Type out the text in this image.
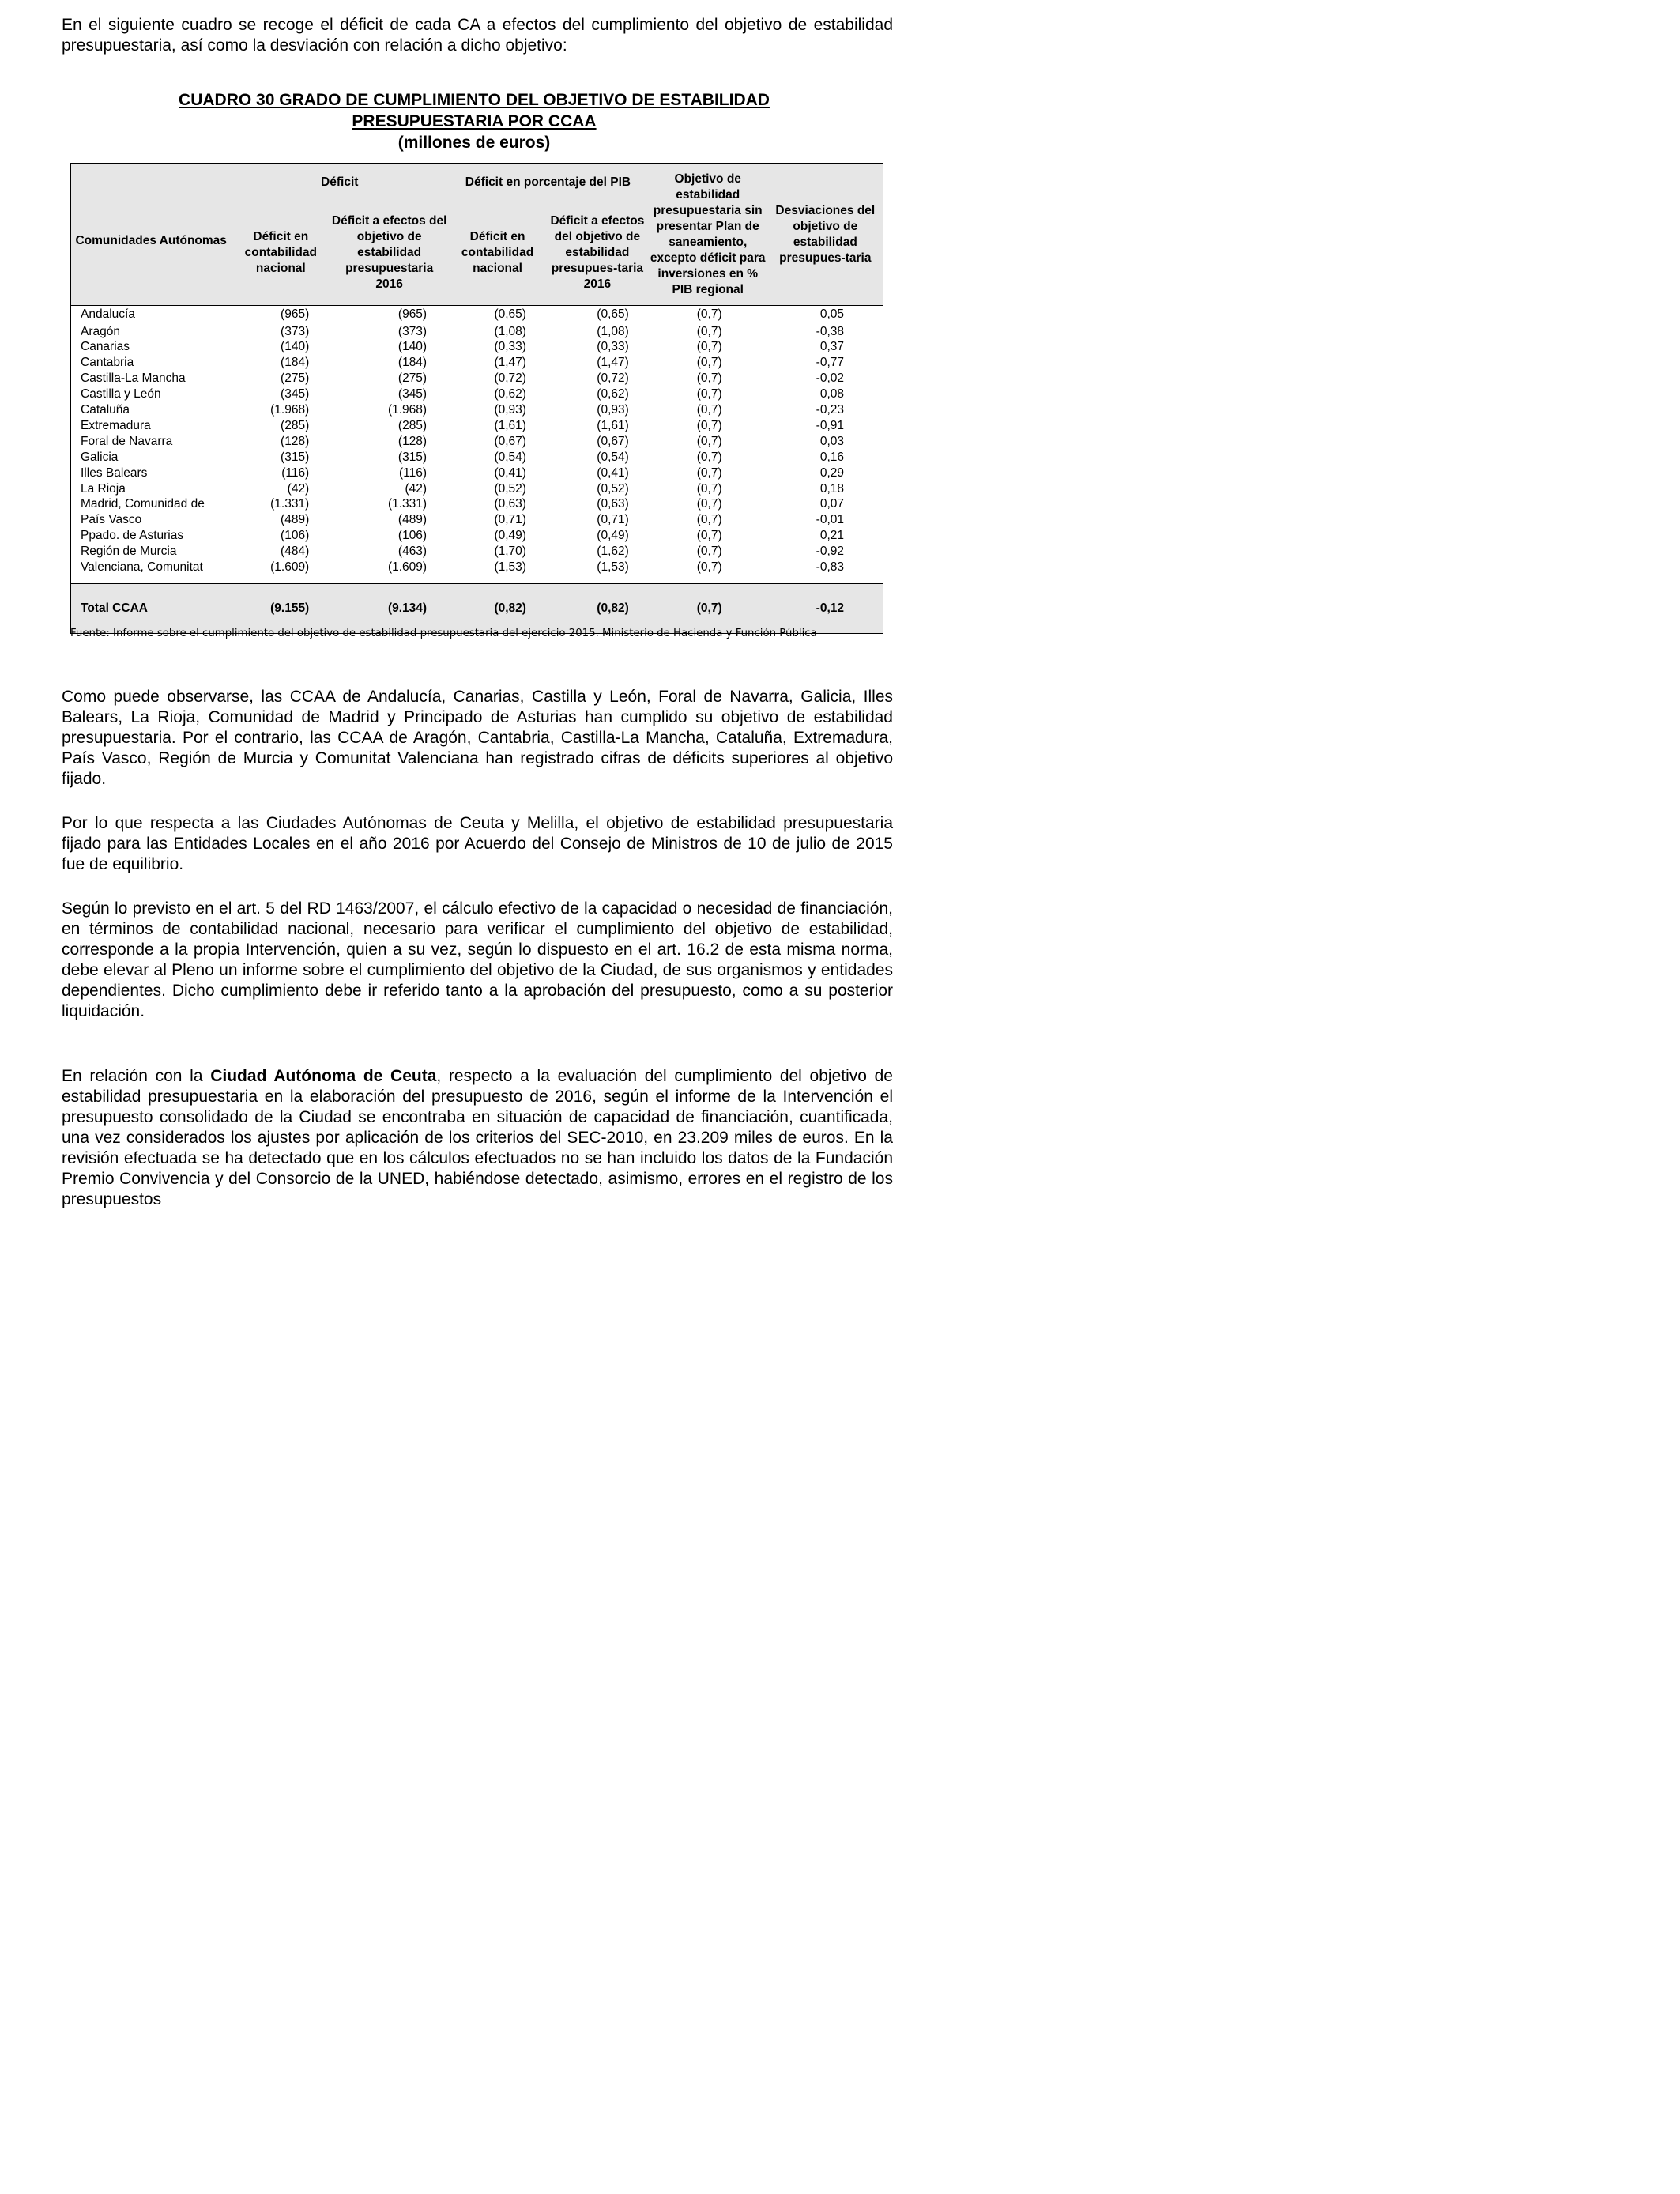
En el siguiente cuadro se recoge el déficit de cada CA a efectos del cumplimiento del objetivo de estabilidad presupuestaria, así como la desviación con relación a dicho objetivo:

CUADRO 30 GRADO DE CUMPLIMIENTO DEL OBJETIVO DE ESTABILIDAD
PRESUPUESTARIA POR CCAA
(millones de euros)
Comunidades Autónomas	Déficit		Déficit en porcentaje del PIB		Objetivo de estabilidad presupuestaria sin presentar Plan de saneamiento, excepto déficit para inversiones en % PIB regional	Desviaciones del objetivo de estabilidad presupues-taria
	Déficit en contabilidad nacional	Déficit a efectos del objetivo de estabilidad presupuestaria 2016	Déficit en contabilidad nacional	Déficit a efectos del objetivo de estabilidad presupues-taria 2016		
Andalucía	(965)	(965)	(0,65)	(0,65)	(0,7)	0,05
Aragón	(373)	(373)	(1,08)	(1,08)	(0,7)	-0,38
Canarias	(140)	(140)	(0,33)	(0,33)	(0,7)	0,37
Cantabria	(184)	(184)	(1,47)	(1,47)	(0,7)	-0,77
Castilla-La Mancha	(275)	(275)	(0,72)	(0,72)	(0,7)	-0,02
Castilla y León	(345)	(345)	(0,62)	(0,62)	(0,7)	0,08
Cataluña	(1.968)	(1.968)	(0,93)	(0,93)	(0,7)	-0,23
Extremadura	(285)	(285)	(1,61)	(1,61)	(0,7)	-0,91
Foral de Navarra	(128)	(128)	(0,67)	(0,67)	(0,7)	0,03
Galicia	(315)	(315)	(0,54)	(0,54)	(0,7)	0,16
Illes Balears	(116)	(116)	(0,41)	(0,41)	(0,7)	0,29
La Rioja	(42)	(42)	(0,52)	(0,52)	(0,7)	0,18
Madrid, Comunidad de	(1.331)	(1.331)	(0,63)	(0,63)	(0,7)	0,07
País Vasco	(489)	(489)	(0,71)	(0,71)	(0,7)	-0,01
Ppado. de Asturias	(106)	(106)	(0,49)	(0,49)	(0,7)	0,21
Región de Murcia	(484)	(463)	(1,70)	(1,62)	(0,7)	-0,92
Valenciana, Comunitat	(1.609)	(1.609)	(1,53)	(1,53)	(0,7)	-0,83

Total CCAA	(9.155)	(9.134)	(0,82)	(0,82)	(0,7)	-0,12
Fuente: Informe sobre el cumplimiento del objetivo de estabilidad presupuestaria del ejercicio 2015. Ministerio de Hacienda y Función Pública

Como puede observarse, las CCAA de Andalucía, Canarias, Castilla y León, Foral de Navarra, Galicia, Illes Balears, La Rioja, Comunidad de Madrid y Principado de Asturias han cumplido su objetivo de estabilidad presupuestaria. Por el contrario, las CCAA de Aragón, Cantabria, Castilla-La Mancha, Cataluña, Extremadura, País Vasco, Región de Murcia y Comunitat Valenciana han registrado cifras de déficits superiores al objetivo fijado.

Por lo que respecta a las Ciudades Autónomas de Ceuta y Melilla, el objetivo de estabilidad presupuestaria fijado para las Entidades Locales en el año 2016 por Acuerdo del Consejo de Ministros de 10 de julio de 2015 fue de equilibrio.

Según lo previsto en el art. 5 del RD 1463/2007, el cálculo efectivo de la capacidad o necesidad de financiación, en términos de contabilidad nacional, necesario para verificar el cumplimiento del objetivo de estabilidad, corresponde a la propia Intervención, quien a su vez, según lo dispuesto en el art. 16.2 de esta misma norma, debe elevar al Pleno un informe sobre el cumplimiento del objetivo de la Ciudad, de sus organismos y entidades dependientes. Dicho cumplimiento debe ir referido tanto a la aprobación del presupuesto, como a su posterior liquidación.

En relación con la Ciudad Autónoma de Ceuta, respecto a la evaluación del cumplimiento del objetivo de estabilidad presupuestaria en la elaboración del presupuesto de 2016, según el informe de la Intervención el presupuesto consolidado de la Ciudad se encontraba en situación de capacidad de financiación, cuantificada, una vez considerados los ajustes por aplicación de los criterios del SEC-2010, en 23.209 miles de euros. En la revisión efectuada se ha detectado que en los cálculos efectuados no se han incluido los datos de la Fundación Premio Convivencia y del Consorcio de la UNED, habiéndose detectado, asimismo, errores en el registro de los presupuestos
